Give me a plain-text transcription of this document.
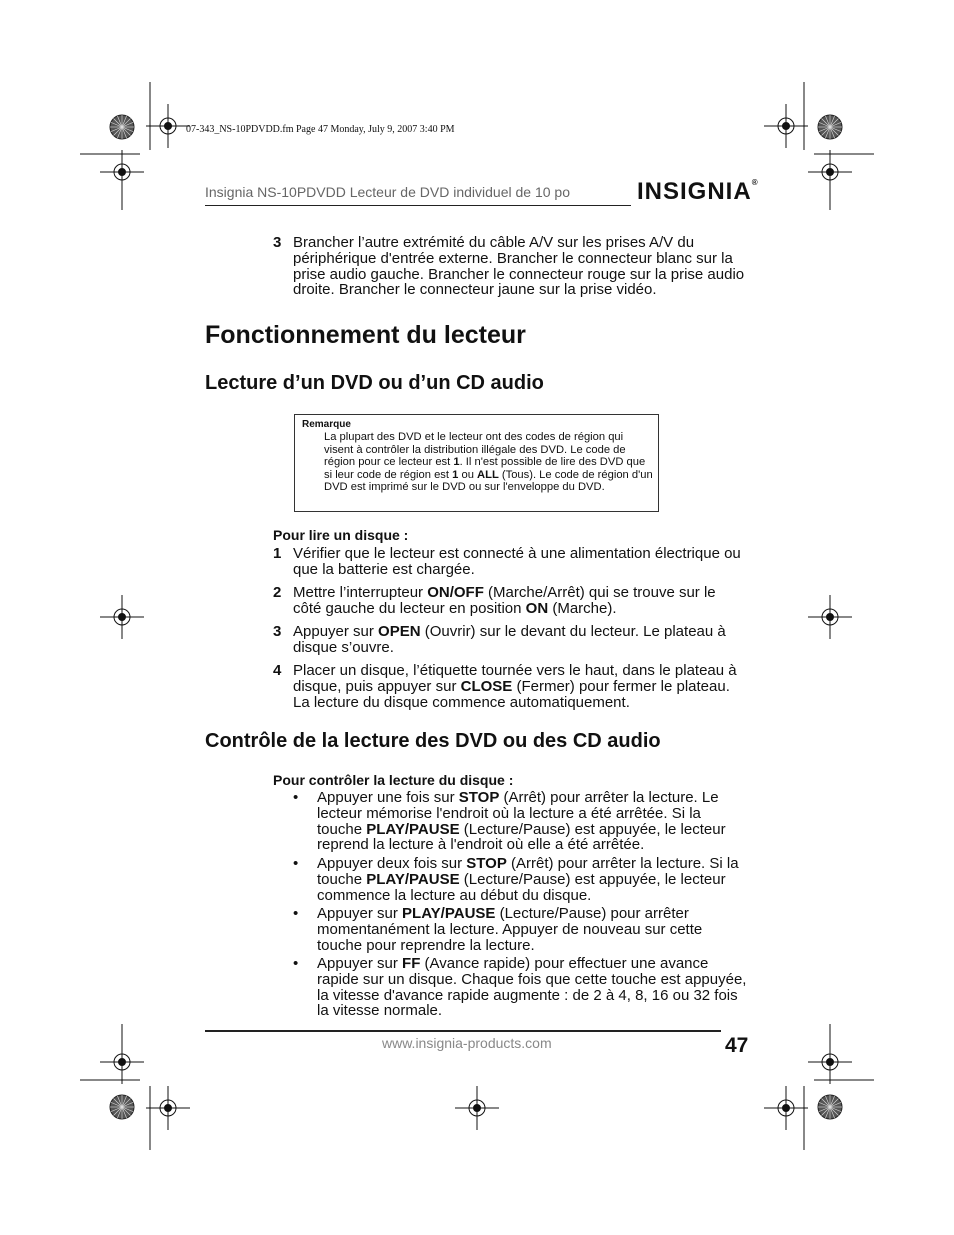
07-343_NS-10PDVDD.fm Page 47 Monday, July 9, 2007 3:40 PM
Insignia NS-10PDVDD Lecteur de DVD individuel de 10 po	INSIGNIA®
3 Brancher l’autre extrémité du câble A/V sur les prises A/V du périphérique d'entrée externe. Brancher le connecteur blanc sur la prise audio gauche. Brancher le connecteur rouge sur la prise audio droite. Brancher le connecteur jaune sur la prise vidéo.
Fonctionnement du lecteur
Lecture d’un DVD ou d’un CD audio
Remarque
La plupart des DVD et le lecteur ont des codes de région qui visent à contrôler la distribution illégale des DVD. Le code de région pour ce lecteur est 1. Il n'est possible de lire des DVD que si leur code de région est 1 ou ALL (Tous). Le code de région d'un DVD est imprimé sur le DVD ou sur l'enveloppe du DVD.
Pour lire un disque :
1 Vérifier que le lecteur est connecté à une alimentation électrique ou que la batterie est chargée.
2 Mettre l’interrupteur ON/OFF (Marche/Arrêt) qui se trouve sur le côté gauche du lecteur en position ON (Marche).
3 Appuyer sur OPEN (Ouvrir) sur le devant du lecteur. Le plateau à disque s’ouvre.
4 Placer un disque, l’étiquette tournée vers le haut, dans le plateau à disque, puis appuyer sur CLOSE (Fermer) pour fermer le plateau. La lecture du disque commence automatiquement.
Contrôle de la lecture des DVD ou des CD audio
Pour contrôler la lecture du disque :
•	Appuyer une fois sur STOP (Arrêt) pour arrêter la lecture. Le lecteur mémorise l'endroit où la lecture a été arrêtée. Si la touche PLAY/PAUSE (Lecture/Pause) est appuyée, le lecteur reprend la lecture à l'endroit où elle a été arrêtée.
•	Appuyer deux fois sur STOP (Arrêt) pour arrêter la lecture. Si la touche PLAY/PAUSE (Lecture/Pause) est appuyée, le lecteur commence la lecture au début du disque.
•	Appuyer sur PLAY/PAUSE (Lecture/Pause) pour arrêter momentanément la lecture. Appuyer de nouveau sur cette touche pour reprendre la lecture.
•	Appuyer sur FF (Avance rapide) pour effectuer une avance rapide sur un disque. Chaque fois que cette touche est appuyée, la vitesse d'avance rapide augmente : de 2 à 4, 8, 16 ou 32 fois la vitesse normale.
www.insignia-products.com	47
